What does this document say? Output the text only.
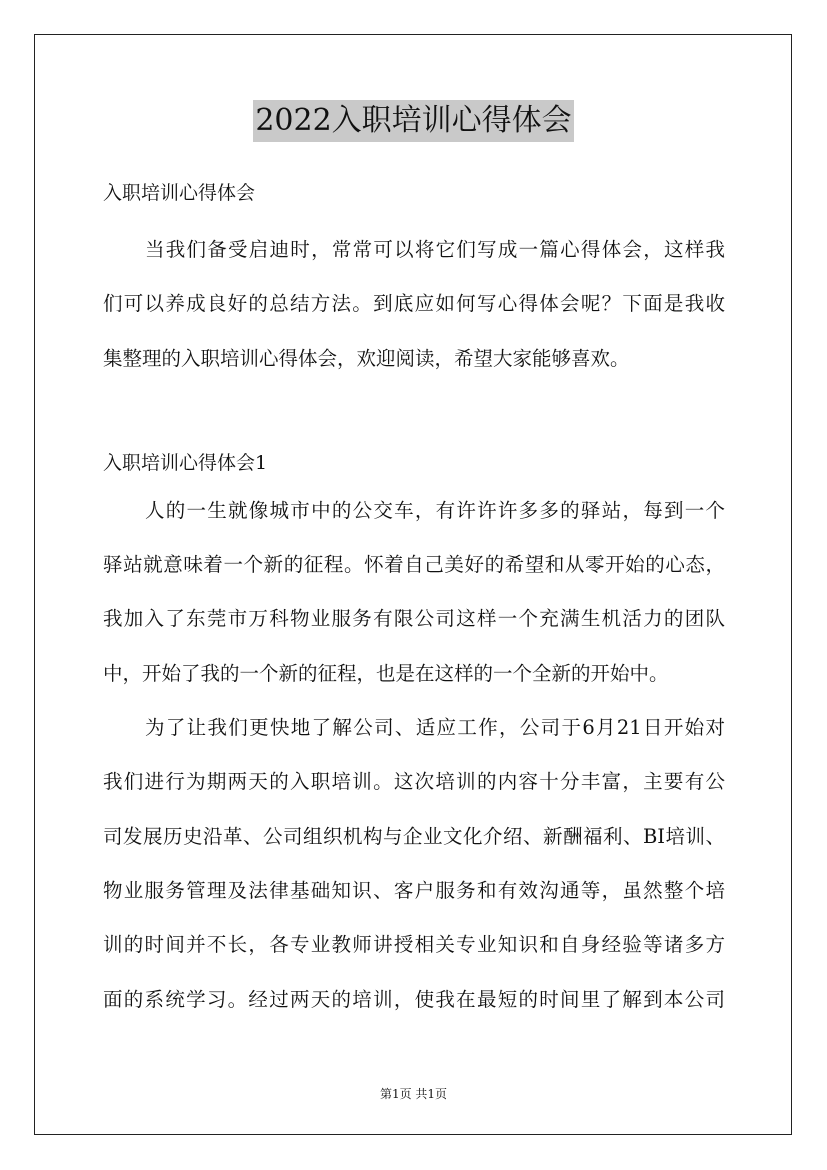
2022入职培训心得体会
入职培训心得体会
当我们备受启迪时，常常可以将它们写成一篇心得体会，这样我
们可以养成良好的总结方法。到底应如何写心得体会呢？下面是我收
集整理的入职培训心得体会，欢迎阅读，希望大家能够喜欢。
入职培训心得体会1
人的一生就像城市中的公交车，有许许许多多的驿站，每到一个
驿站就意味着一个新的征程。怀着自己美好的希望和从零开始的心态，
我加入了东莞市万科物业服务有限公司这样一个充满生机活力的团队
中，开始了我的一个新的征程，也是在这样的一个全新的开始中。
为了让我们更快地了解公司、适应工作，公司于6月21日开始对
我们进行为期两天的入职培训。这次培训的内容十分丰富，主要有公
司发展历史沿革、公司组织机构与企业文化介绍、新酬福利、BI培训、
物业服务管理及法律基础知识、客户服务和有效沟通等，虽然整个培
训的时间并不长，各专业教师讲授相关专业知识和自身经验等诸多方
面的系统学习。经过两天的培训，使我在最短的时间里了解到本公司
第1页 共1页
